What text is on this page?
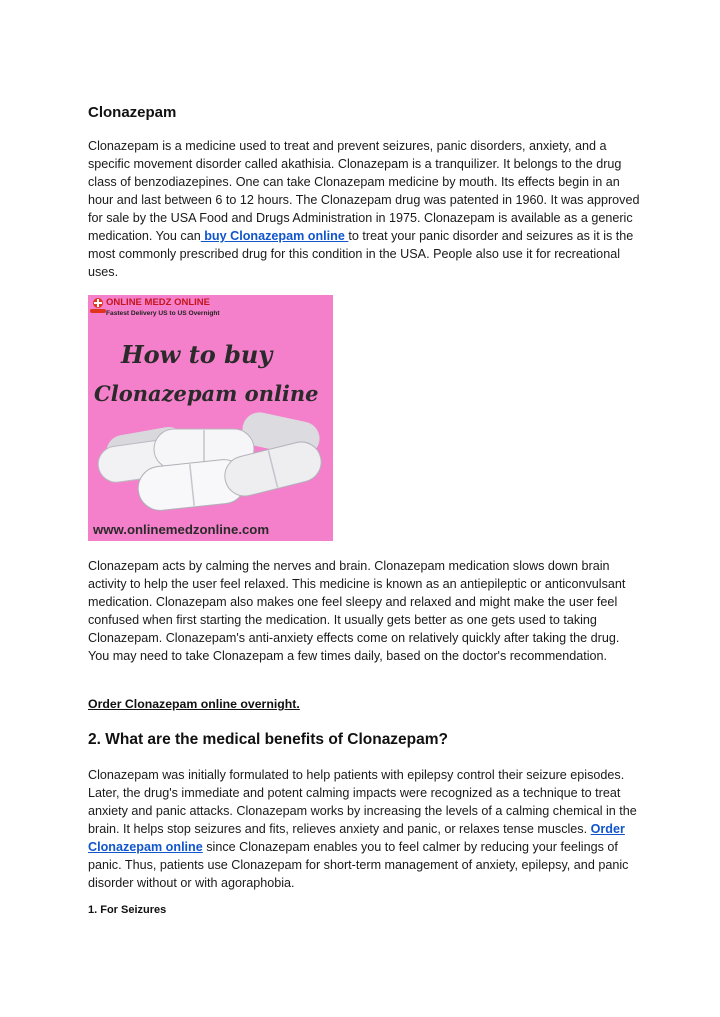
Clonazepam
Clonazepam is a medicine used to treat and prevent seizures, panic disorders, anxiety, and a specific movement disorder called akathisia. Clonazepam is a tranquilizer. It belongs to the drug class of benzodiazepines. One can take Clonazepam medicine by mouth. Its effects begin in an hour and last between 6 to 12 hours. The Clonazepam drug was patented in 1960. It was approved for sale by the USA Food and Drugs Administration in 1975. Clonazepam is available as a generic medication. You can buy Clonazepam online to treat your panic disorder and seizures as it is the most commonly prescribed drug for this condition in the USA. People also use it for recreational uses.
ONLINE MEDZ ONLINE
Fastest Delivery US to US Overnight
How to buy
Clonazepam online
www.onlinemedzonline.com
Clonazepam acts by calming the nerves and brain. Clonazepam medication slows down brain activity to help the user feel relaxed. This medicine is known as an antiepileptic or anticonvulsant medication. Clonazepam also makes one feel sleepy and relaxed and might make the user feel confused when first starting the medication. It usually gets better as one gets used to taking Clonazepam. Clonazepam's anti-anxiety effects come on relatively quickly after taking the drug. You may need to take Clonazepam a few times daily, based on the doctor's recommendation.
Order Clonazepam online overnight.
2. What are the medical benefits of Clonazepam?
Clonazepam was initially formulated to help patients with epilepsy control their seizure episodes. Later, the drug's immediate and potent calming impacts were recognized as a technique to treat anxiety and panic attacks. Clonazepam works by increasing the levels of a calming chemical in the brain. It helps stop seizures and fits, relieves anxiety and panic, or relaxes tense muscles. Order Clonazepam online since Clonazepam enables you to feel calmer by reducing your feelings of panic. Thus, patients use Clonazepam for short-term management of anxiety, epilepsy, and panic disorder without or with agoraphobia.
1. For Seizures
